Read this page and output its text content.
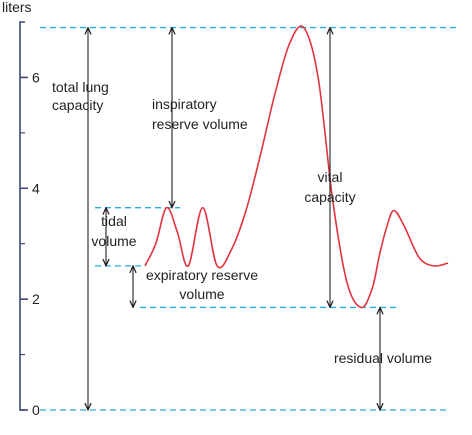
0
2
4
6
liters
total lung capacity	inspiratory reserve volume
tidal volume
expiratory reserve volume
vital capacity
residual volume
